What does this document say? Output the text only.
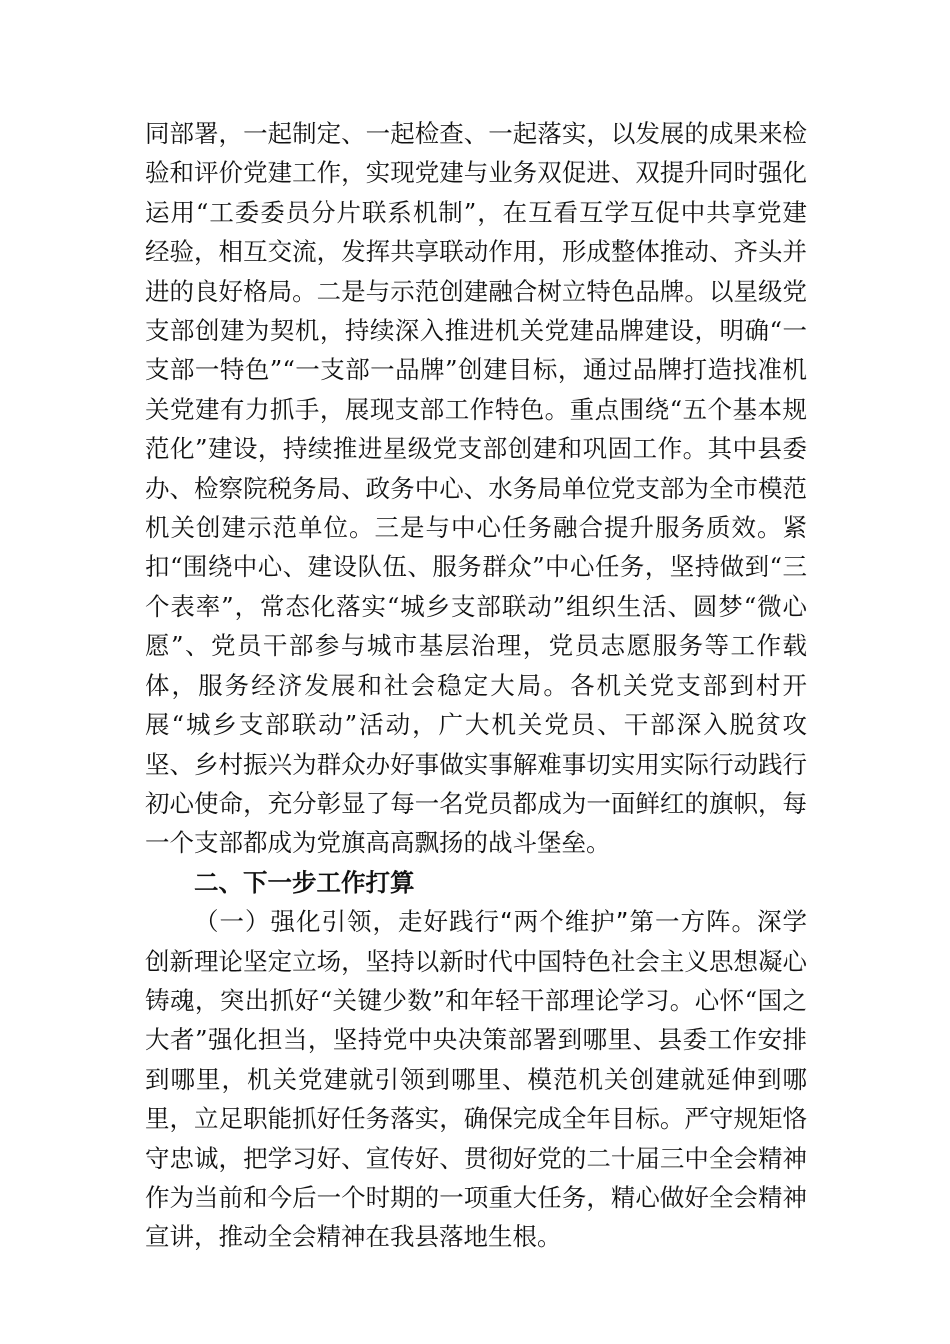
同部署，一起制定、一起检查、一起落实，以发展的成果来检验和评价党建工作，实现党建与业务双促进、双提升同时强化运用“工委委员分片联系机制”，在互看互学互促中共享党建经验，相互交流，发挥共享联动作用，形成整体推动、齐头并进的良好格局。二是与示范创建融合树立特色品牌。以星级党支部创建为契机，持续深入推进机关党建品牌建设，明确“一支部一特色”“一支部一品牌”创建目标，通过品牌打造找准机关党建有力抓手，展现支部工作特色。重点围绕“五个基本规范化”建设，持续推进星级党支部创建和巩固工作。其中县委办、检察院税务局、政务中心、水务局单位党支部为全市模范机关创建示范单位。三是与中心任务融合提升服务质效。紧扣“围绕中心、建设队伍、服务群众”中心任务，坚持做到“三个表率”，常态化落实“城乡支部联动”组织生活、圆梦“微心愿”、党员干部参与城市基层治理，党员志愿服务等工作载体，服务经济发展和社会稳定大局。各机关党支部到村开展“城乡支部联动”活动，广大机关党员、干部深入脱贫攻坚、乡村振兴为群众办好事做实事解难事切实用实际行动践行初心使命，充分彰显了每一名党员都成为一面鲜红的旗帜，每一个支部都成为党旗高高飘扬的战斗堡垒。

二、下一步工作打算

（一）强化引领，走好践行“两个维护”第一方阵。深学创新理论坚定立场，坚持以新时代中国特色社会主义思想凝心铸魂，突出抓好“关键少数”和年轻干部理论学习。心怀“国之大者”强化担当，坚持党中央决策部署到哪里、县委工作安排到哪里，机关党建就引领到哪里、模范机关创建就延伸到哪里，立足职能抓好任务落实，确保完成全年目标。严守规矩恪守忠诚，把学习好、宣传好、贯彻好党的二十届三中全会精神作为当前和今后一个时期的一项重大任务，精心做好全会精神宣讲，推动全会精神在我县落地生根。
